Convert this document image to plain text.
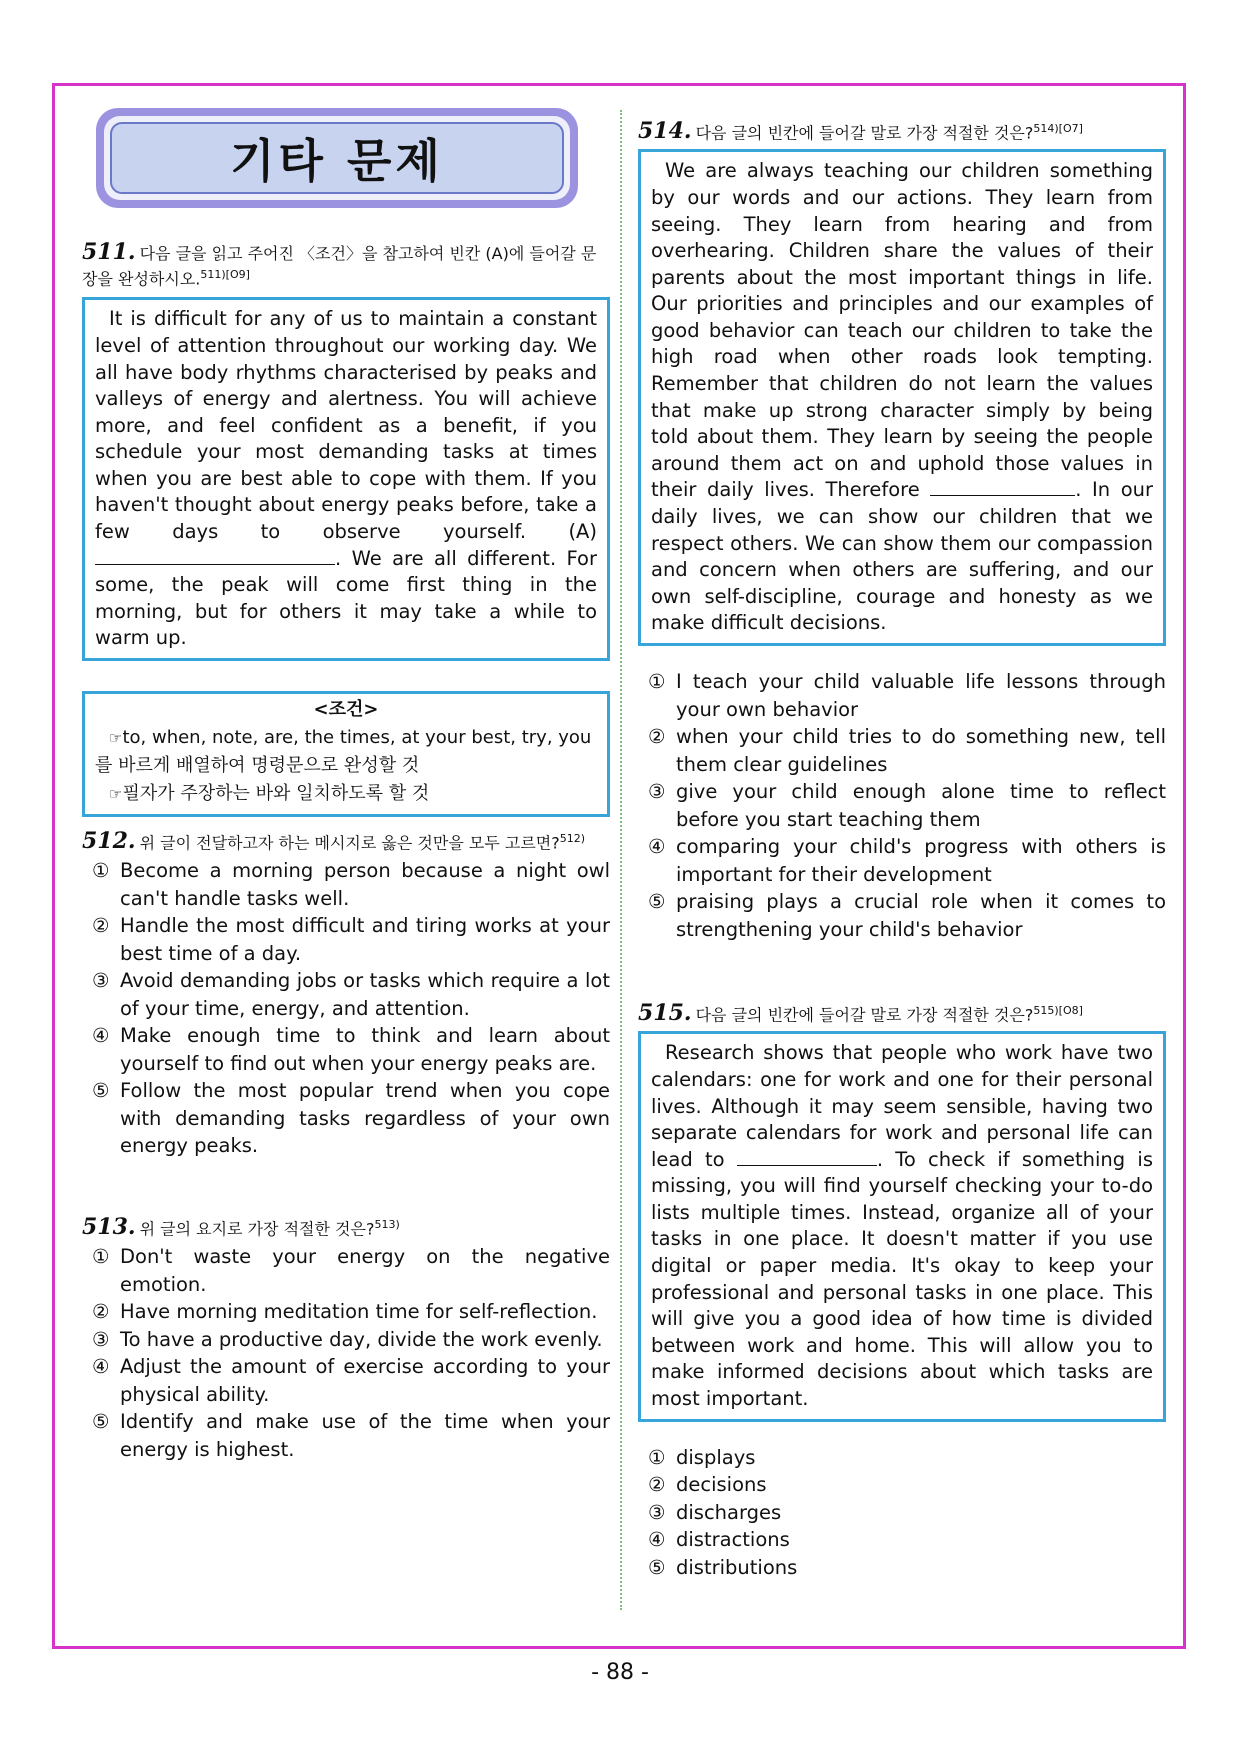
기타 문제

511. 다음 글을 읽고 주어진 〈조건〉을 참고하여 빈칸 (A)에 들어갈 문장을 완성하시오.$^{511)[O9]}$

It is difficult for any of us to maintain a constant level of attention throughout our working day. We all have body rhythms characterised by peaks and valleys of energy and alertness. You will achieve more, and feel confident as a benefit, if you schedule your most demanding tasks at times when you are best able to cope with them. If you haven't thought about energy peaks before, take a few days to observe yourself. (A). We are all different. For some, the peak will come first thing in the morning, but for others it may take a while to warm up.

<조건>

☞to, when, note, are, the times, at your best, try, you를 바르게 배열하여 명령문으로 완성할 것

☞필자가 주장하는 바와 일치하도록 할 것

512. 위 글이 전달하고자 하는 메시지로 옳은 것만을 모두 고르면?$^{512)}$

① Become a morning person because a night owl can't handle tasks well.
② Handle the most difficult and tiring works at your best time of a day.
③ Avoid demanding jobs or tasks which require a lot of your time, energy, and attention.
④ Make enough time to think and learn about yourself to find out when your energy peaks are.
⑤ Follow the most popular trend when you cope with demanding tasks regardless of your own energy peaks.

513. 위 글의 요지로 가장 적절한 것은?$^{513)}$

① Don't waste your energy on the negative emotion.
② Have morning meditation time for self-reflection.
③ To have a productive day, divide the work evenly.
④ Adjust the amount of exercise according to your physical ability.
⑤ Identify and make use of the time when your energy is highest.

514. 다음 글의 빈칸에 들어갈 말로 가장 적절한 것은?$^{514)[O7]}$

We are always teaching our children something by our words and our actions. They learn from seeing. They learn from hearing and from overhearing. Children share the values of their parents about the most important things in life. Our priorities and principles and our examples of good behavior can teach our children to take the high road when other roads look tempting. Remember that children do not learn the values that make up strong character simply by being told about them. They learn by seeing the people around them act on and uphold those values in their daily lives. Therefore	. In our daily lives, we can show our children that we respect others. We can show them our compassion and concern when others are suffering, and our own self-discipline, courage and honesty as we make difficult decisions.

① I teach your child valuable life lessons through your own behavior
② when your child tries to do something new, tell them clear guidelines
③ give your child enough alone time to reflect before you start teaching them
④ comparing your child's progress with others is important for their development
⑤ praising plays a crucial role when it comes to strengthening your child's behavior

515. 다음 글의 빈칸에 들어갈 말로 가장 적절한 것은?$^{515)[O8]}$

Research shows that people who work have two calendars: one for work and one for their personal lives. Although it may seem sensible, having two separate calendars for work and personal life can lead to	. To check if something is missing, you will find yourself checking your to-do lists multiple times. Instead, organize all of your tasks in one place. It doesn't matter if you use digital or paper media. It's okay to keep your professional and personal tasks in one place. This will give you a good idea of how time is divided between work and home. This will allow you to make informed decisions about which tasks are most important.

① displays
② decisions
③ discharges
④ distractions
⑤ distributions
- 88 -
